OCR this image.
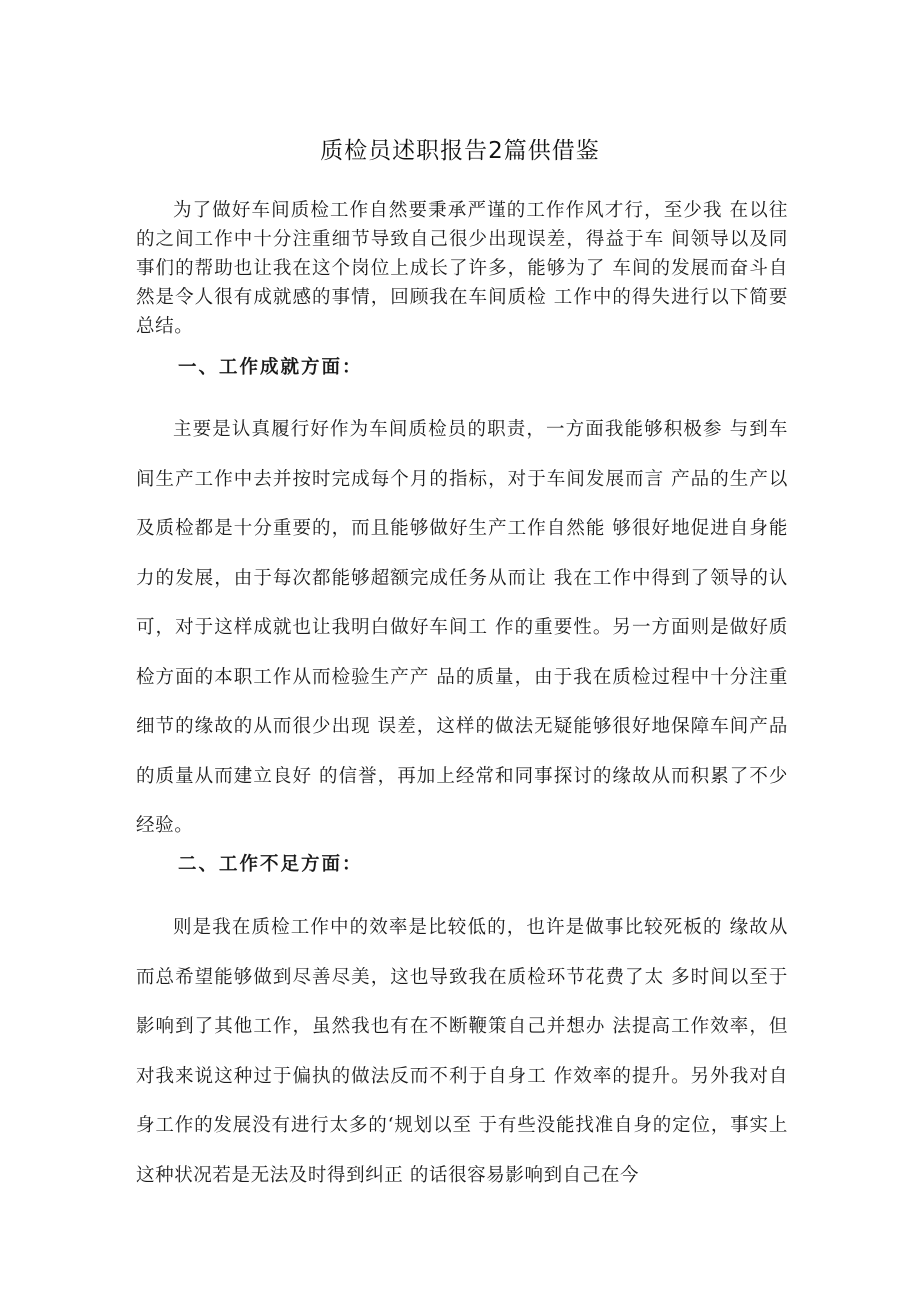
质检员述职报告2篇供借鉴

为了做好车间质检工作自然要秉承严谨的工作作风才行，至少我 在以往的之间工作中十分注重细节导致自己很少出现误差，得益于车 间领导以及同事们的帮助也让我在这个岗位上成长了许多，能够为了 车间的发展而奋斗自然是令人很有成就感的事情，回顾我在车间质检 工作中的得失进行以下简要总结。

一、工作成就方面：

主要是认真履行好作为车间质检员的职责，一方面我能够积极参 与到车间生产工作中去并按时完成每个月的指标，对于车间发展而言 产品的生产以及质检都是十分重要的，而且能够做好生产工作自然能 够很好地促进自身能力的发展，由于每次都能够超额完成任务从而让 我在工作中得到了领导的认可，对于这样成就也让我明白做好车间工 作的重要性。另一方面则是做好质检方面的本职工作从而检验生产产 品的质量，由于我在质检过程中十分注重细节的缘故的从而很少出现 误差，这样的做法无疑能够很好地保障车间产品的质量从而建立良好 的信誉，再加上经常和同事探讨的缘故从而积累了不少经验。

二、工作不足方面：

则是我在质检工作中的效率是比较低的，也许是做事比较死板的 缘故从而总希望能够做到尽善尽美，这也导致我在质检环节花费了太 多时间以至于影响到了其他工作，虽然我也有在不断鞭策自己并想办 法提高工作效率，但对我来说这种过于偏执的做法反而不利于自身工 作效率的提升。另外我对自身工作的发展没有进行太多的‘规划以至 于有些没能找准自身的定位，事实上这种状况若是无法及时得到纠正 的话很容易影响到自己在今
